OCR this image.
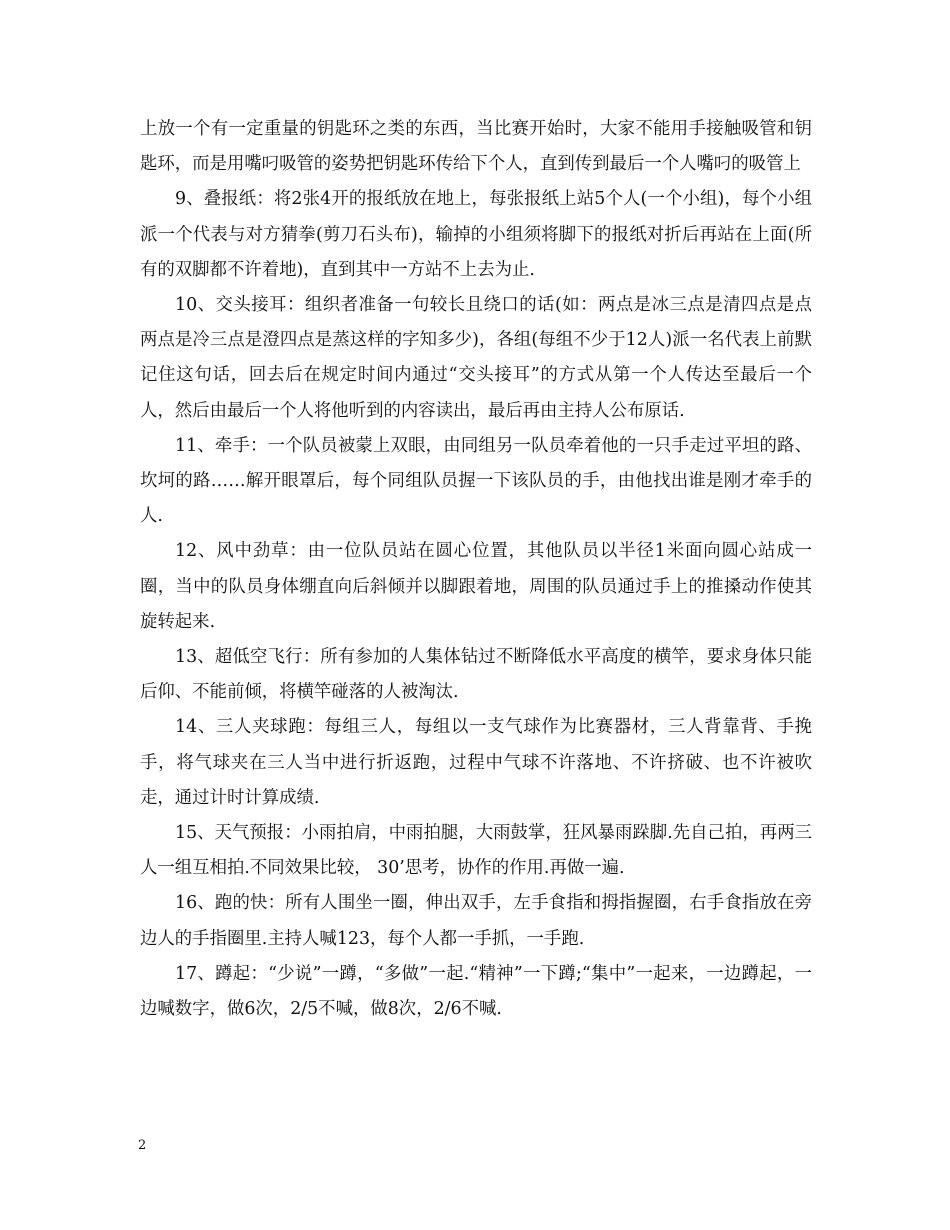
上放一个有一定重量的钥匙环之类的东西，当比赛开始时，大家不能用手接触吸管和钥匙环，而是用嘴叼吸管的姿势把钥匙环传给下个人，直到传到最后一个人嘴叼的吸管上

9、叠报纸：将2张4开的报纸放在地上，每张报纸上站5个人(一个小组)，每个小组派一个代表与对方猜拳(剪刀石头布)，输掉的小组须将脚下的报纸对折后再站在上面(所有的双脚都不许着地)，直到其中一方站不上去为止.

10、交头接耳：组织者准备一句较长且绕口的话(如：两点是冰三点是清四点是点两点是冷三点是澄四点是蒸这样的字知多少)，各组(每组不少于12人)派一名代表上前默记住这句话，回去后在规定时间内通过“交头接耳”的方式从第一个人传达至最后一个人，然后由最后一个人将他听到的内容读出，最后再由主持人公布原话.

11、牵手：一个队员被蒙上双眼，由同组另一队员牵着他的一只手走过平坦的路、坎坷的路……解开眼罩后，每个同组队员握一下该队员的手，由他找出谁是刚才牵手的人.

12、风中劲草：由一位队员站在圆心位置，其他队员以半径1米面向圆心站成一圈，当中的队员身体绷直向后斜倾并以脚跟着地，周围的队员通过手上的推搡动作使其旋转起来.

13、超低空飞行：所有参加的人集体钻过不断降低水平高度的横竿，要求身体只能后仰、不能前倾，将横竿碰落的人被淘汰.

14、三人夹球跑：每组三人，每组以一支气球作为比赛器材，三人背靠背、手挽手，将气球夹在三人当中进行折返跑，过程中气球不许落地、不许挤破、也不许被吹走，通过计时计算成绩.

15、天气预报：小雨拍肩，中雨拍腿，大雨鼓掌，狂风暴雨跺脚.先自己拍，再两三人一组互相拍.不同效果比较， 30’思考，协作的作用.再做一遍.

16、跑的快：所有人围坐一圈，伸出双手，左手食指和拇指握圈，右手食指放在旁边人的手指圈里.主持人喊123，每个人都一手抓，一手跑.

17、蹲起：“少说”一蹲，“多做”一起.“精神”一下蹲;“集中”一起来，一边蹲起，一边喊数字，做6次，2/5不喊，做8次，2/6不喊.

2
